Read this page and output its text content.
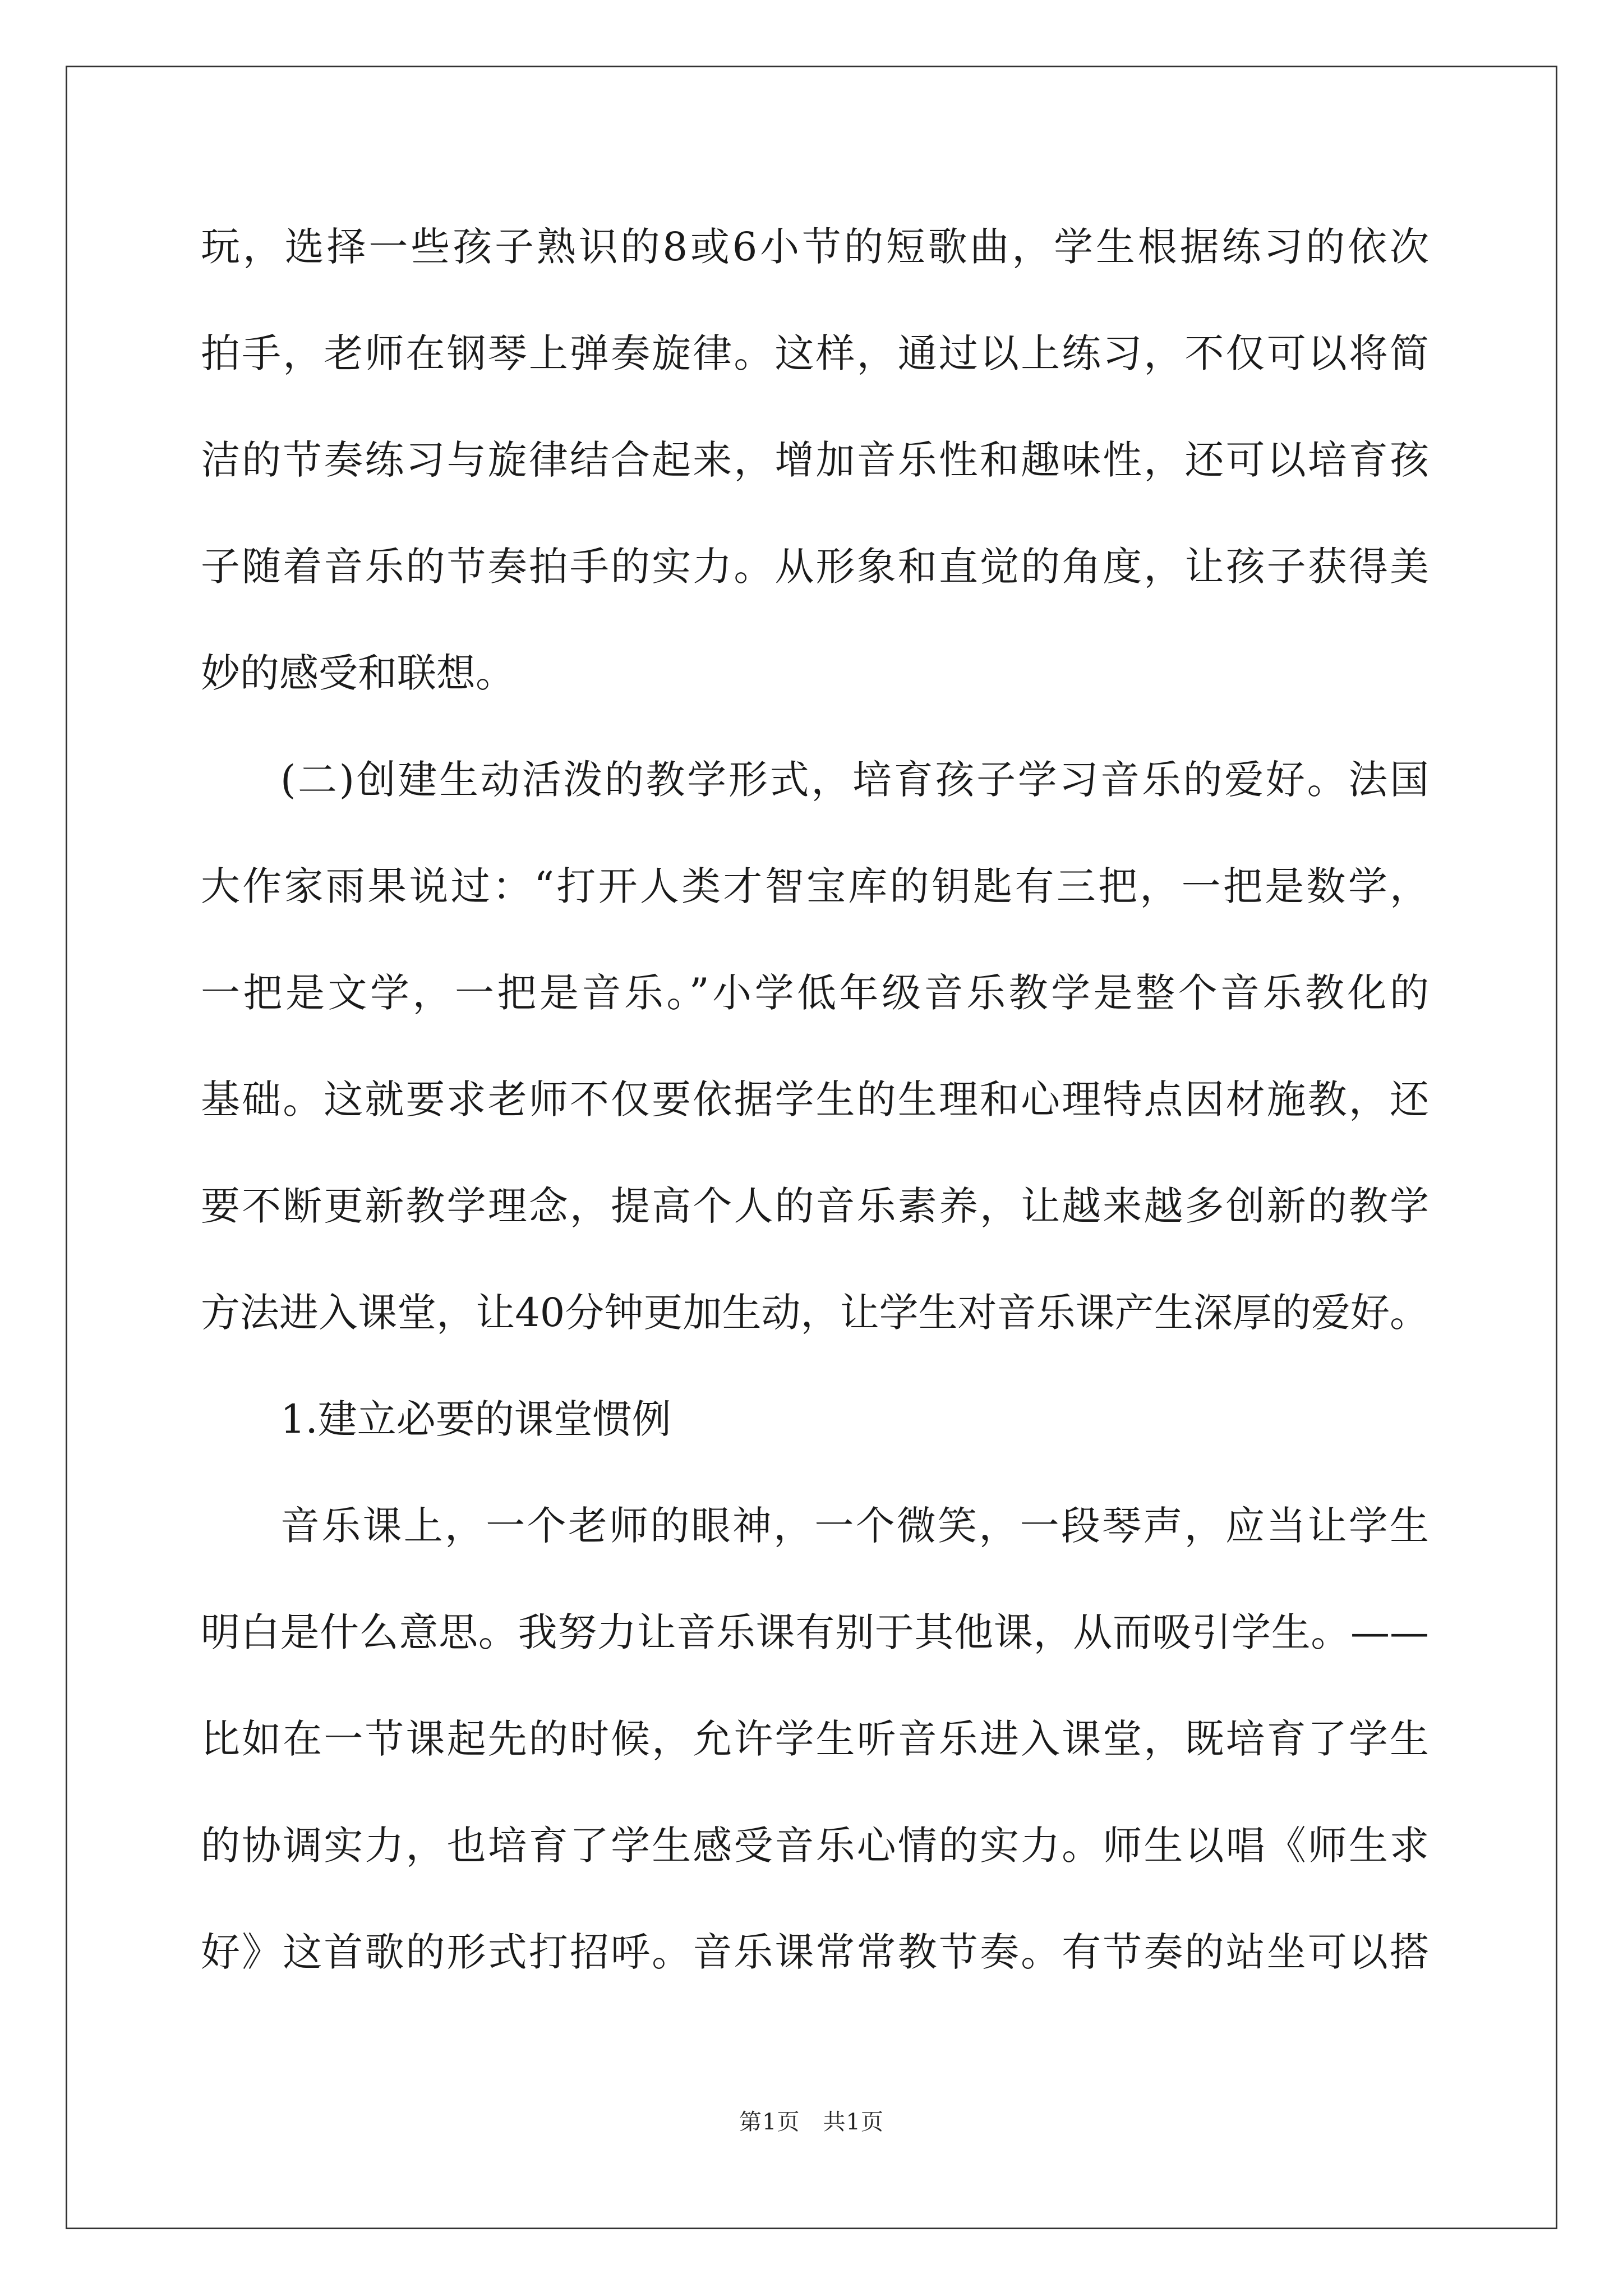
玩，选择一些孩子熟识的8或6小节的短歌曲，学生根据练习的依次
拍手，老师在钢琴上弹奏旋律。这样，通过以上练习，不仅可以将简
洁的节奏练习与旋律结合起来，增加音乐性和趣味性，还可以培育孩
子随着音乐的节奏拍手的实力。从形象和直觉的角度，让孩子获得美
妙的感受和联想。
(二)创建生动活泼的教学形式，培育孩子学习音乐的爱好。法国
大作家雨果说过：“打开人类才智宝库的钥匙有三把，一把是数学，
一把是文学，一把是音乐。”小学低年级音乐教学是整个音乐教化的
基础。这就要求老师不仅要依据学生的生理和心理特点因材施教，还
要不断更新教学理念，提高个人的音乐素养，让越来越多创新的教学
方法进入课堂，让40分钟更加生动，让学生对音乐课产生深厚的爱好。
1.建立必要的课堂惯例
音乐课上，一个老师的眼神，一个微笑，一段琴声，应当让学生
明白是什么意思。我努力让音乐课有别于其他课，从而吸引学生。——
比如在一节课起先的时候，允许学生听音乐进入课堂，既培育了学生
的协调实力，也培育了学生感受音乐心情的实力。师生以唱《师生求
好》这首歌的形式打招呼。音乐课常常教节奏。有节奏的站坐可以搭
第1页　共1页
